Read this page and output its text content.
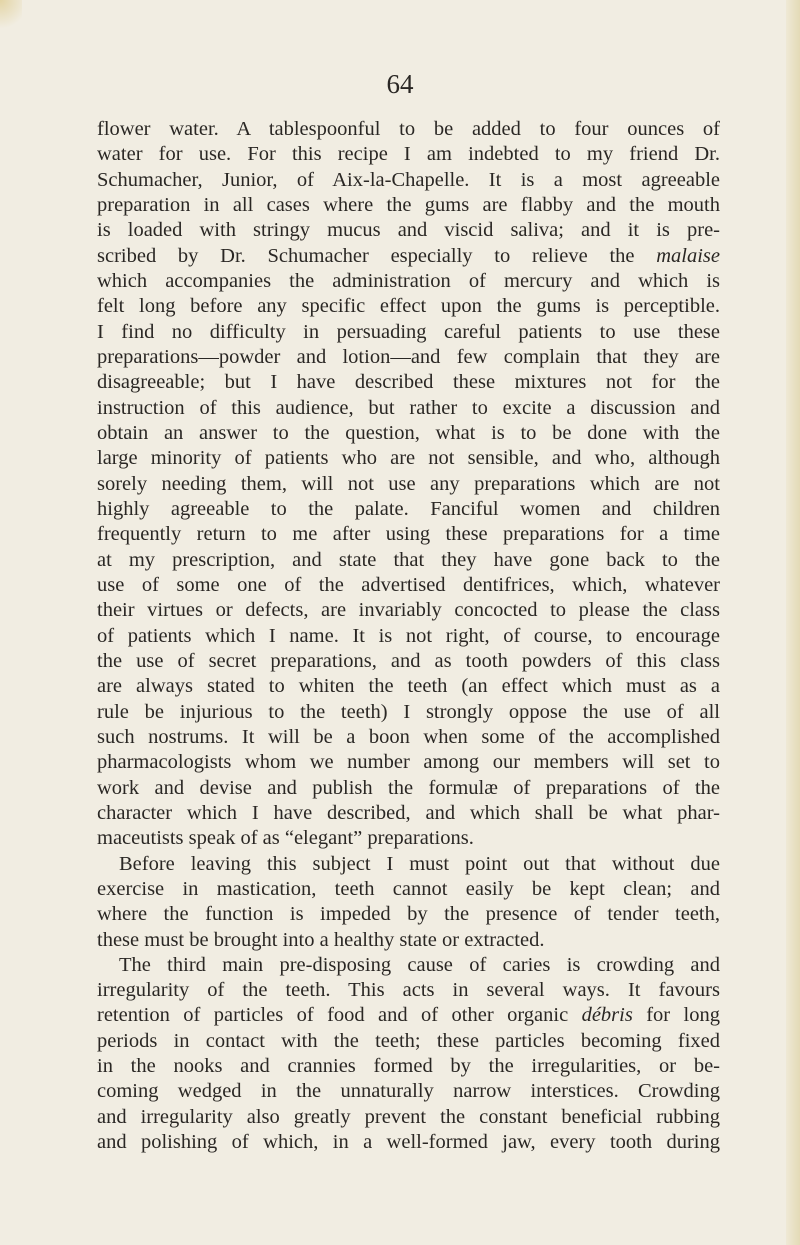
64
flower water. A tablespoonful to be added to four ounces of
water for use. For this recipe I am indebted to my friend Dr.
Schumacher, Junior, of Aix-la-Chapelle. It is a most agreeable
preparation in all cases where the gums are flabby and the mouth
is loaded with stringy mucus and viscid saliva; and it is pre-
scribed by Dr. Schumacher especially to relieve the malaise
which accompanies the administration of mercury and which is
felt long before any specific effect upon the gums is perceptible.
I find no difficulty in persuading careful patients to use these
preparations—powder and lotion—and few complain that they are
disagreeable; but I have described these mixtures not for the
instruction of this audience, but rather to excite a discussion and
obtain an answer to the question, what is to be done with the
large minority of patients who are not sensible, and who, although
sorely needing them, will not use any preparations which are not
highly agreeable to the palate. Fanciful women and children
frequently return to me after using these preparations for a time
at my prescription, and state that they have gone back to the
use of some one of the advertised dentifrices, which, whatever
their virtues or defects, are invariably concocted to please the class
of patients which I name. It is not right, of course, to encourage
the use of secret preparations, and as tooth powders of this class
are always stated to whiten the teeth (an effect which must as a
rule be injurious to the teeth) I strongly oppose the use of all
such nostrums. It will be a boon when some of the accomplished
pharmacologists whom we number among our members will set to
work and devise and publish the formulæ of preparations of the
character which I have described, and which shall be what phar-
maceutists speak of as “elegant” preparations.
Before leaving this subject I must point out that without due
exercise in mastication, teeth cannot easily be kept clean; and
where the function is impeded by the presence of tender teeth,
these must be brought into a healthy state or extracted.
The third main pre-disposing cause of caries is crowding and
irregularity of the teeth. This acts in several ways. It favours
retention of particles of food and of other organic débris for long
periods in contact with the teeth; these particles becoming fixed
in the nooks and crannies formed by the irregularities, or be-
coming wedged in the unnaturally narrow interstices. Crowding
and irregularity also greatly prevent the constant beneficial rubbing
and polishing of which, in a well-formed jaw, every tooth during
